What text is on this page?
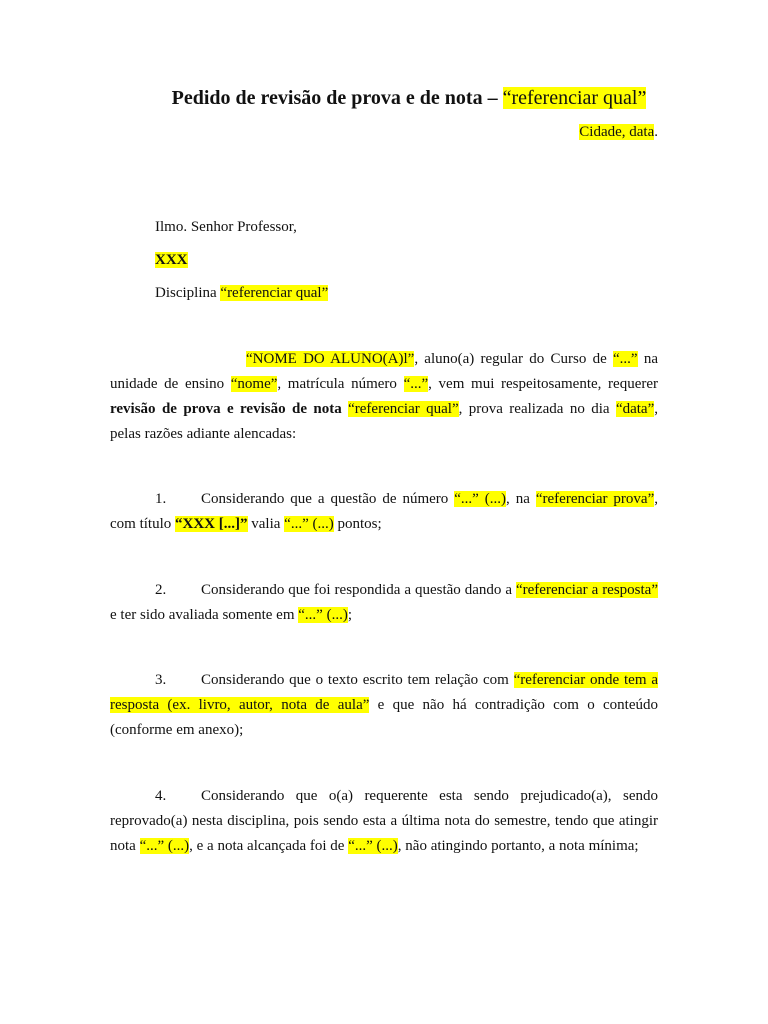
Pedido de revisão de prova e de nota – “referenciar qual”
Cidade, data.
Ilmo. Senhor Professor,
XXX
Disciplina “referenciar qual”
“NOME DO ALUNO(A)l”, aluno(a) regular do Curso de “...” na unidade de ensino “nome”, matrícula número “...”, vem mui respeitosamente, requerer revisão de prova e revisão de nota “referenciar qual”, prova realizada no dia “data”, pelas razões adiante alencadas:
1. Considerando que a questão de número “...” (...), na “referenciar prova”, com título “XXX [...]” valia “...” (...) pontos;
2. Considerando que foi respondida a questão dando a “referenciar a resposta” e ter sido avaliada somente em “...” (...);
3. Considerando que o texto escrito tem relação com “referenciar onde tem a resposta (ex. livro, autor, nota de aula” e que não há contradição com o conteúdo (conforme em anexo);
4. Considerando que o(a) requerente esta sendo prejudicado(a), sendo reprovado(a) nesta disciplina, pois sendo esta a última nota do semestre, tendo que atingir nota “...” (...), e a nota alcançada foi de “...” (...), não atingindo portanto, a nota mínima;
